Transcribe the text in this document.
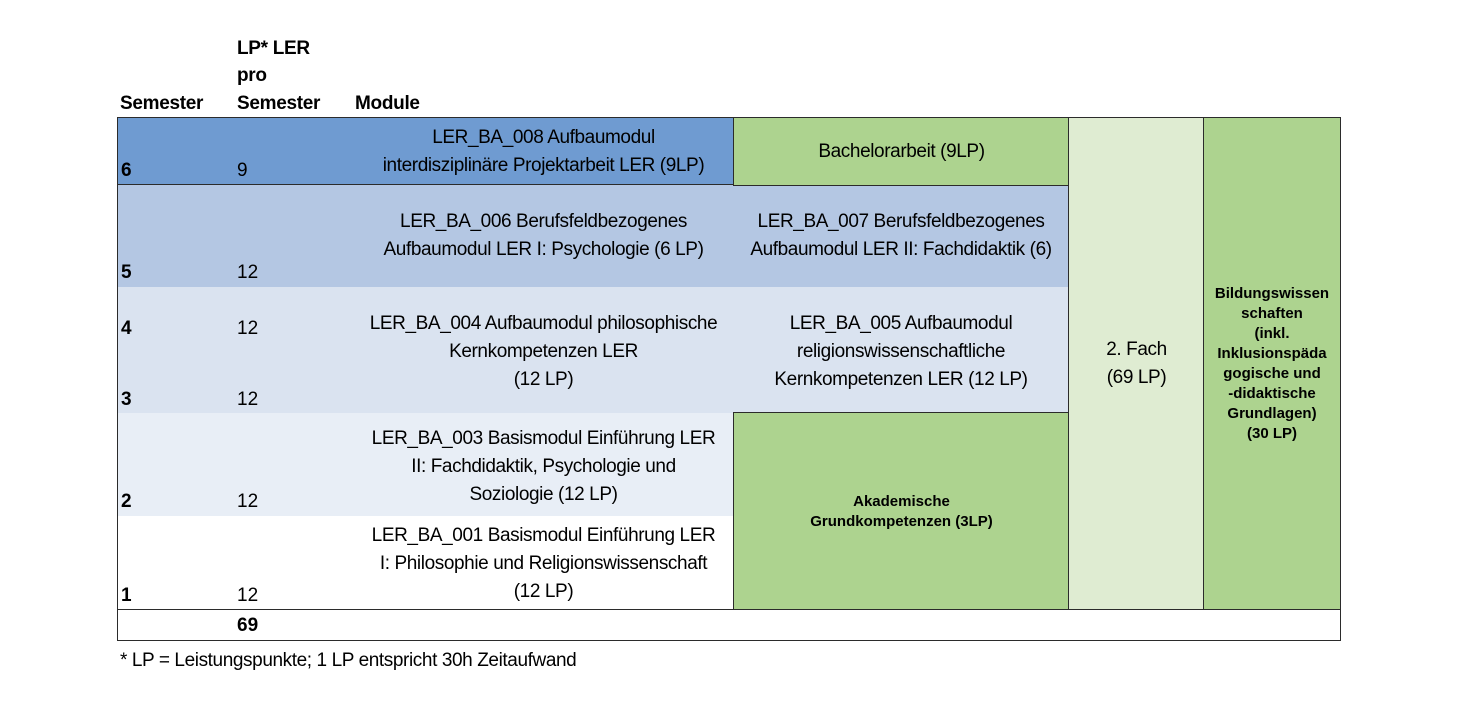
Semester
LP* LER
pro
Semester Module
6
5
4
3
2
1
9
12
12
12
12
12
LER_BA_008 Aufbaumodul
interdisziplinäre Projektarbeit LER (9LP)
LER_BA_006 Berufsfeldbezogenes
Aufbaumodul LER I: Psychologie (6 LP)
LER_BA_004 Aufbaumodul philosophische
Kernkompetenzen LER
(12 LP)
LER_BA_003 Basismodul Einführung LER
II: Fachdidaktik, Psychologie und
Soziologie (12 LP)
LER_BA_001 Basismodul Einführung LER
I: Philosophie und Religionswissenschaft
(12 LP)
Bachelorarbeit (9LP)
LER_BA_007 Berufsfeldbezogenes
Aufbaumodul LER II: Fachdidaktik (6)
LER_BA_005 Aufbaumodul
religionswissenschaftliche
Kernkompetenzen LER (12 LP)
Akademische
Grundkompetenzen (3LP)
2. Fach
(69 LP)
Bildungswissen
schaften
(inkl.
Inklusionspäda
gogische und
-didaktische
Grundlagen)
(30 LP)
69
* LP = Leistungspunkte; 1 LP entspricht 30h Zeitaufwand
